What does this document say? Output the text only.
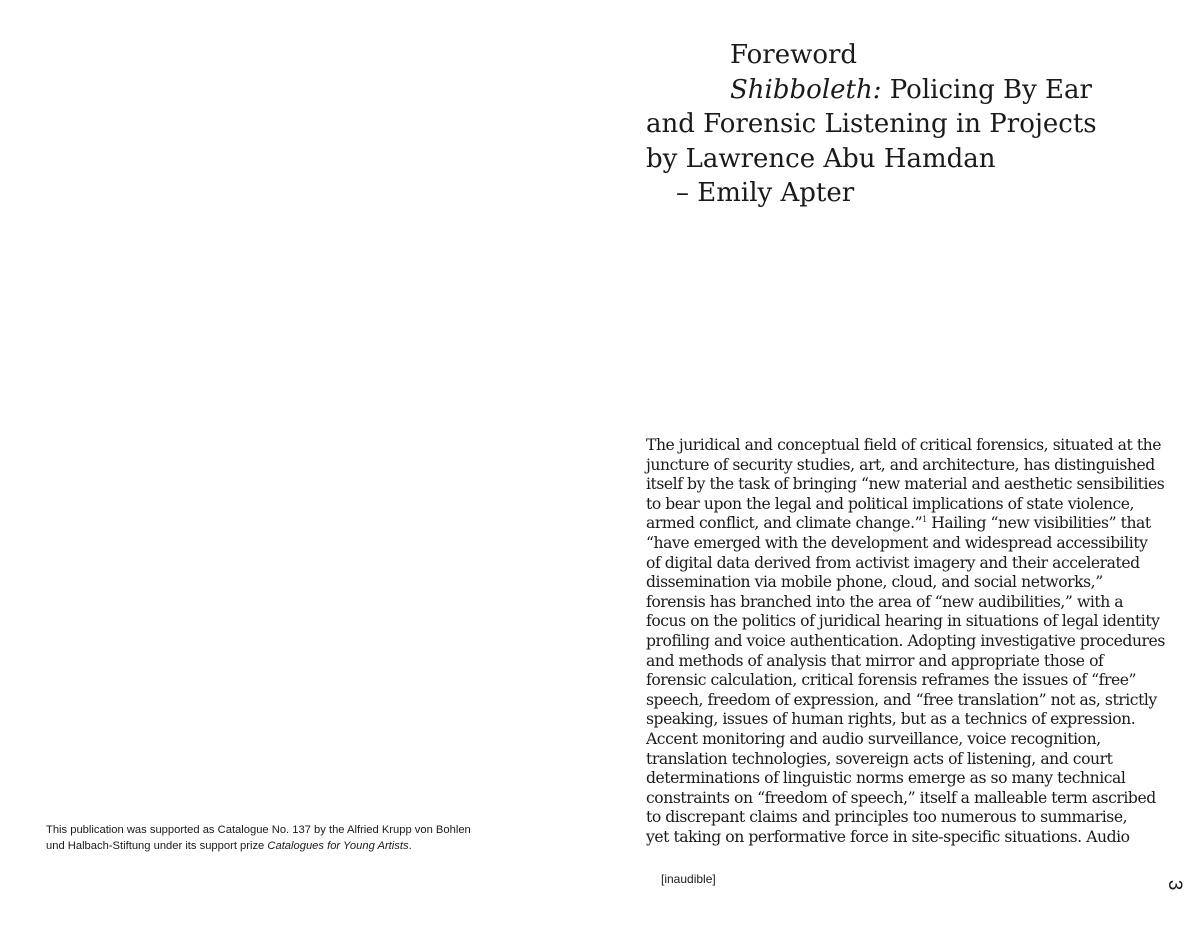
Foreword
Shibboleth: Policing By Ear
and Forensic Listening in Projects
by Lawrence Abu Hamdan
– Emily Apter
The juridical and conceptual field of critical forensics, situated at the
juncture of security studies, art, and architecture, has distinguished
itself by the task of bringing “new material and aesthetic sensibilities
to bear upon the legal and political implications of state violence,
armed conflict, and climate change.”$^1$ Hailing “new visibilities” that
“have emerged with the development and widespread accessibility
of digital data derived from activist imagery and their accelerated
dissemination via mobile phone, cloud, and social networks,”
forensis has branched into the area of “new audibilities,” with a
focus on the politics of juridical hearing in situations of legal identity
profiling and voice authentication. Adopting investigative procedures
and methods of analysis that mirror and appropriate those of
forensic calculation, critical forensis reframes the issues of “free”
speech, freedom of expression, and “free translation” not as, strictly
speaking, issues of human rights, but as a technics of expression.
Accent monitoring and audio surveillance, voice recognition,
translation technologies, sovereign acts of listening, and court
determinations of linguistic norms emerge as so many technical
constraints on “freedom of speech,” itself a malleable term ascribed
to discrepant claims and principles too numerous to summarise,
yet taking on performative force in site-specific situations. Audio
This publication was supported as Catalogue No. 137 by the Alfried Krupp von Bohlen
und Halbach-Stiftung under its support prize Catalogues for Young Artists.
[inaudible]	3
